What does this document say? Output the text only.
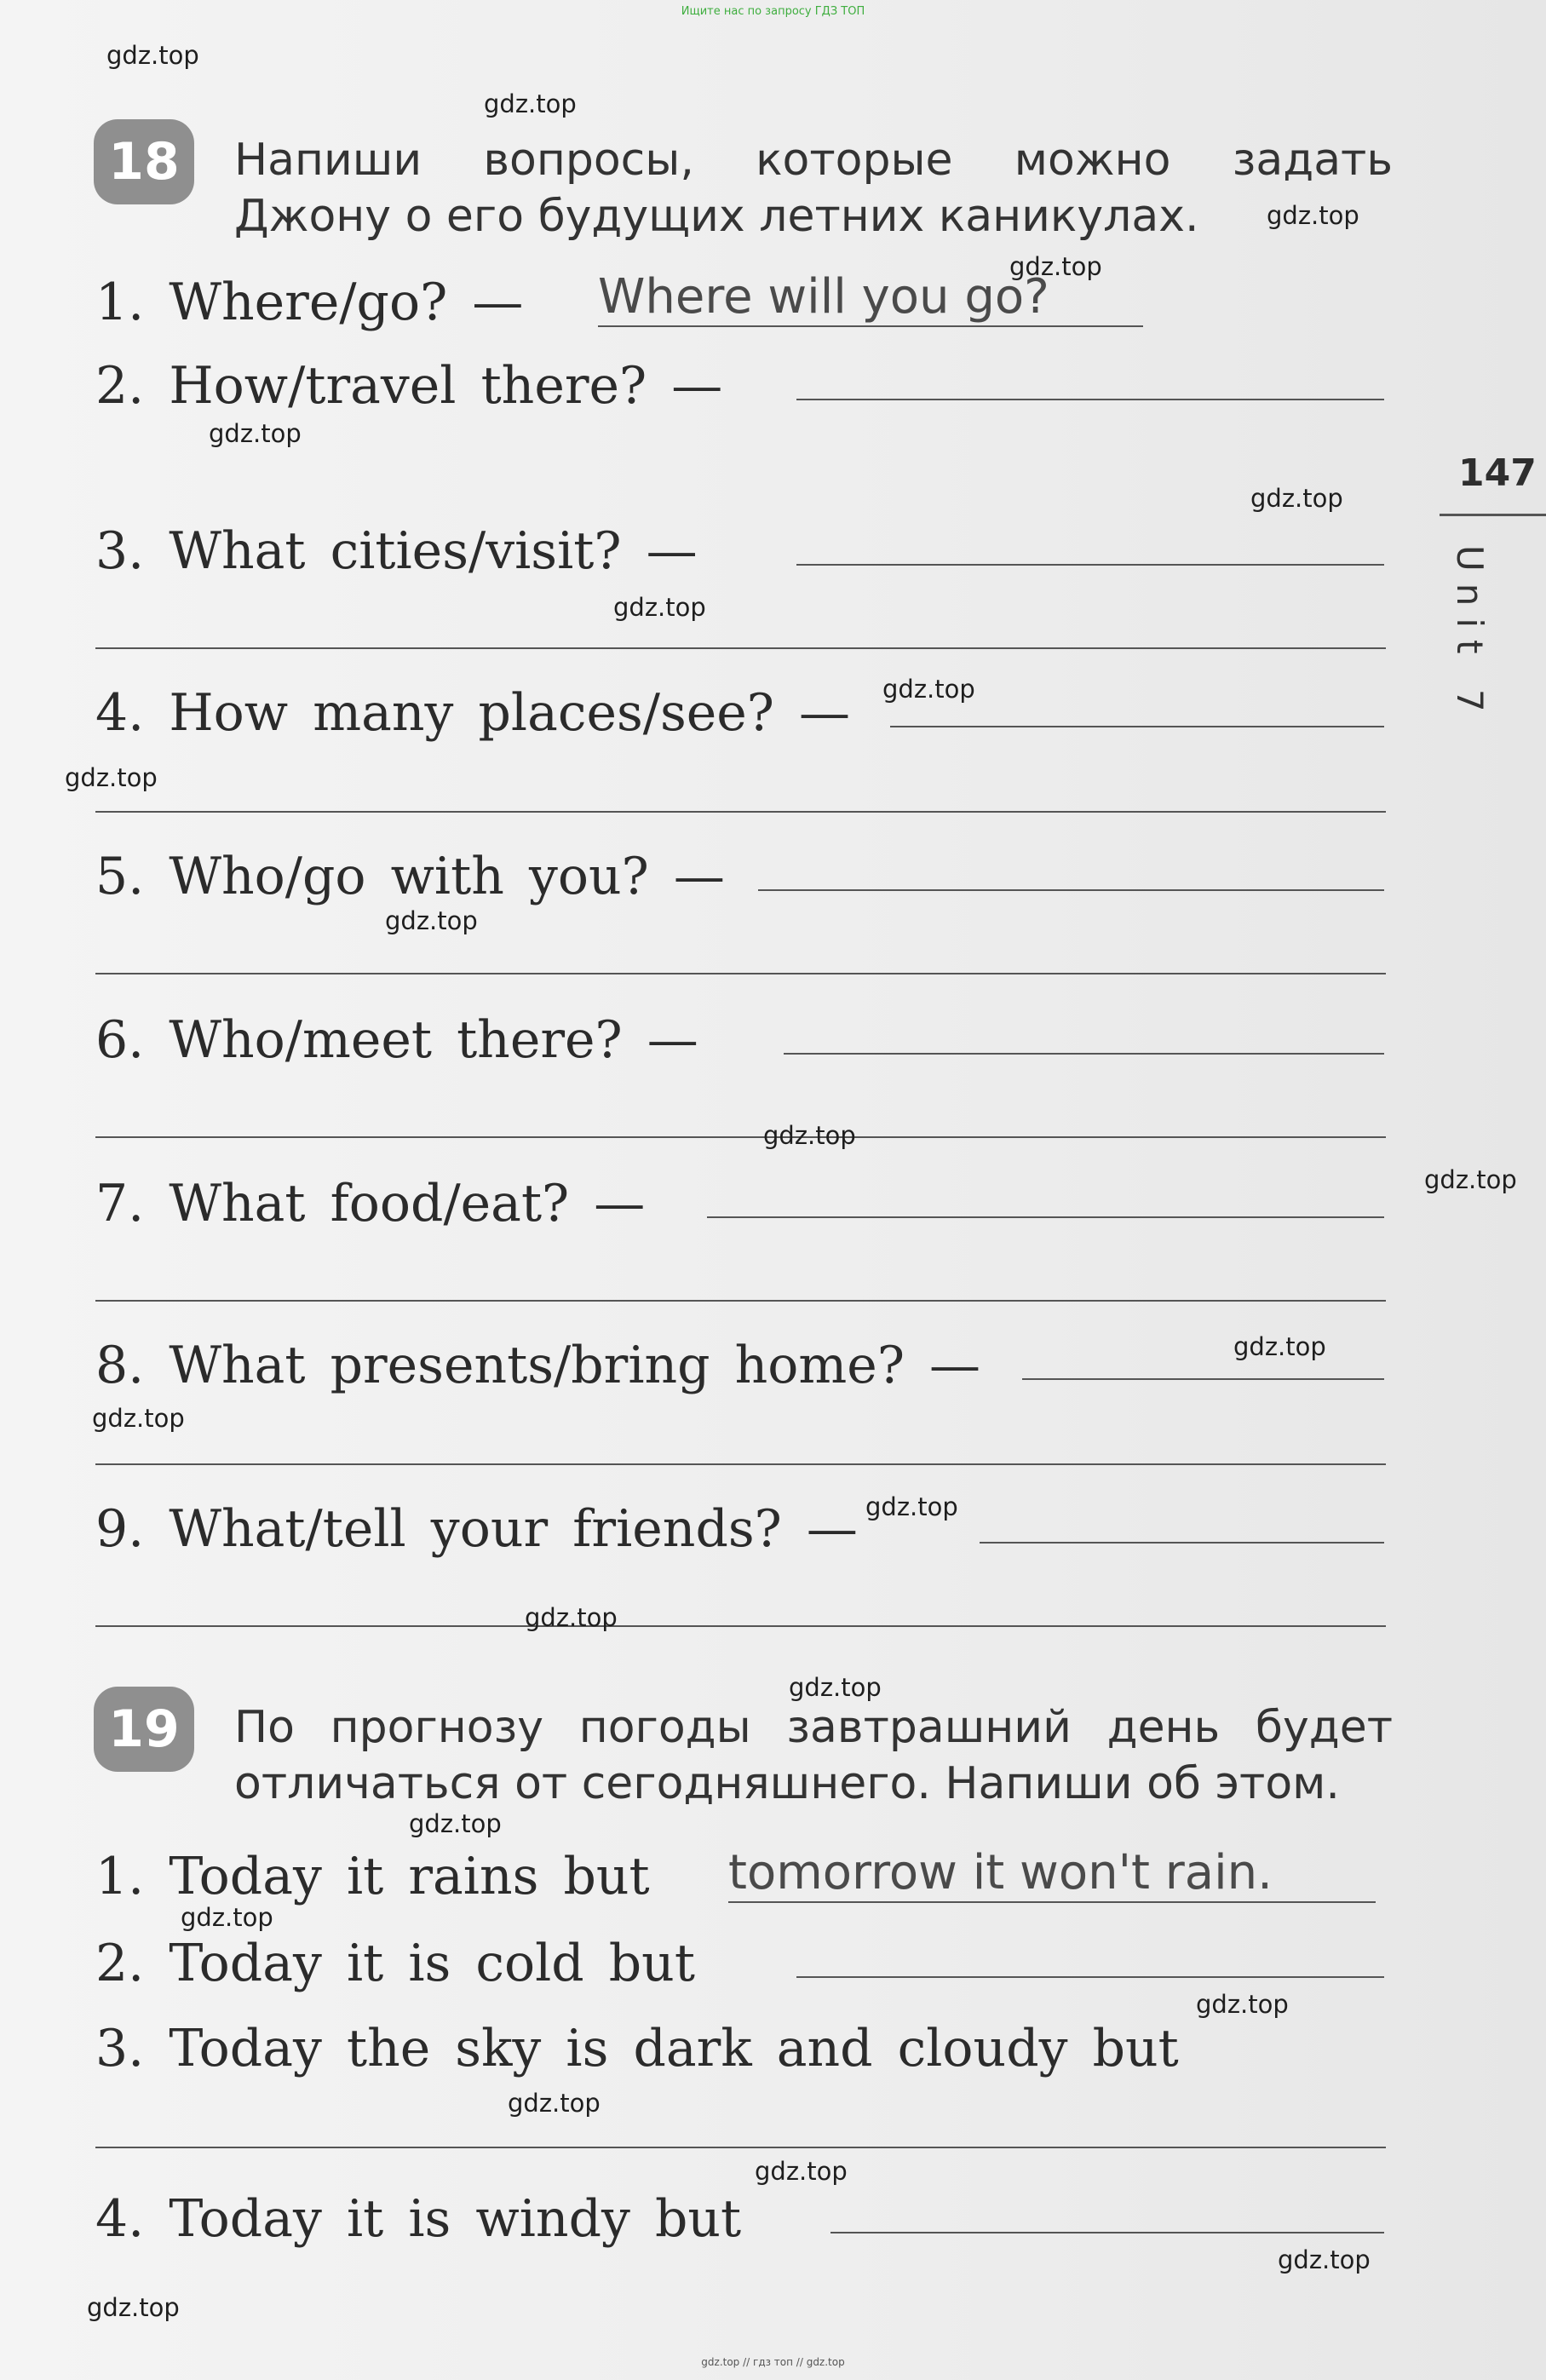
Ищите нас по запросу ГДЗ ТОП
147
Unit 7
18	Напиши вопросы, которые можно задать
Джону о его будущих летних каникулах.
1. Where/go? — Where will you go?
2. How/travel there? —
3. What cities/visit? —
4. How many places/see? —
5. Who/go with you? —
6. Who/meet there? —
7. What food/eat? —
8. What presents/bring home? —
9. What/tell your friends? —
19	По прогнозу погоды завтрашний день будет
отличаться от сегодняшнего. Напиши об этом.
1. Today it rains but tomorrow it won't rain.
2. Today it is cold but
3. Today the sky is dark and cloudy but
4. Today it is windy but
gdz.top
gdz.top
gdz.top
gdz.top
gdz.top
gdz.top
gdz.top
gdz.top
gdz.top
gdz.top
gdz.top
gdz.top
gdz.top
gdz.top
gdz.top
gdz.top
gdz.top
gdz.top
gdz.top
gdz.top
gdz.top
gdz.top
gdz.top
gdz.top
gdz.top // гдз топ // gdz.top
